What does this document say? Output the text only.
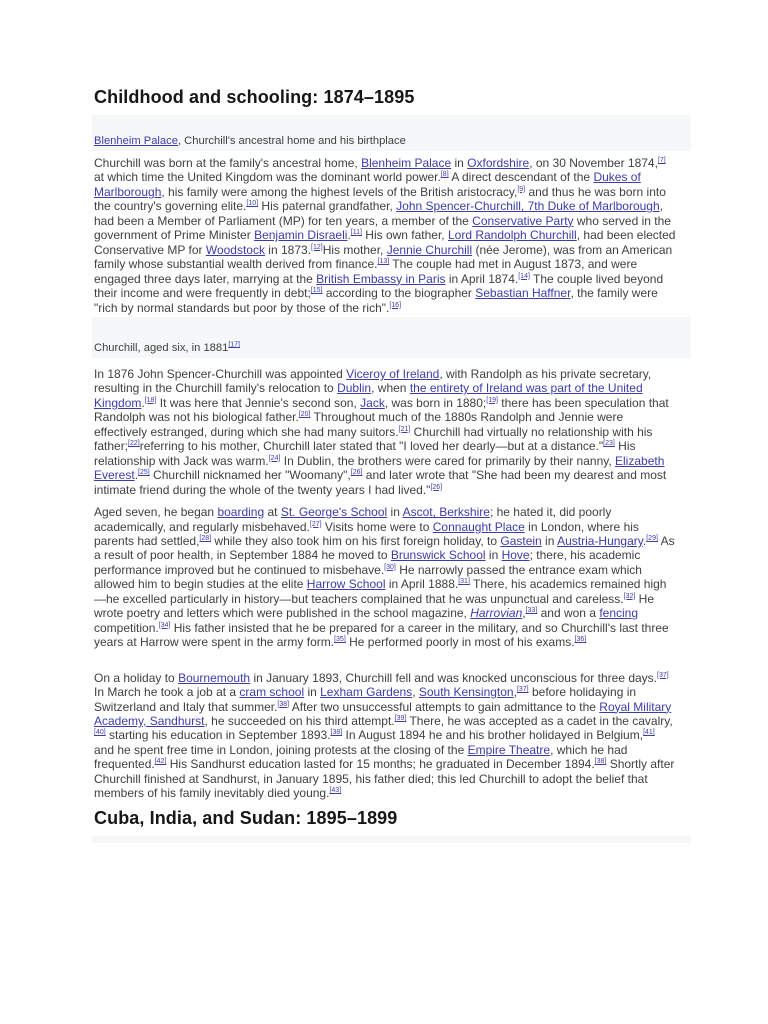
Childhood and schooling: 1874–1895
Blenheim Palace, Churchill's ancestral home and his birthplace

Churchill was born at the family's ancestral home, Blenheim Palace in Oxfordshire, on 30 November 1874,[7] at which time the United Kingdom was the dominant world power.[8] A direct descendant of the Dukes of Marlborough, his family were among the highest levels of the British aristocracy,[9] and thus he was born into the country's governing elite.[10] His paternal grandfather, John Spencer-Churchill, 7th Duke of Marlborough, had been a Member of Parliament (MP) for ten years, a member of the Conservative Party who served in the government of Prime Minister Benjamin Disraeli.[11] His own father, Lord Randolph Churchill, had been elected Conservative MP for Woodstock in 1873.[12]His mother, Jennie Churchill (née Jerome), was from an American family whose substantial wealth derived from finance.[13] The couple had met in August 1873, and were engaged three days later, marrying at the British Embassy in Paris in April 1874.[14] The couple lived beyond their income and were frequently in debt;[15] according to the biographer Sebastian Haffner, the family were "rich by normal standards but poor by those of the rich".[16]

Churchill, aged six, in 1881[17]

In 1876 John Spencer-Churchill was appointed Viceroy of Ireland, with Randolph as his private secretary, resulting in the Churchill family's relocation to Dublin, when the entirety of Ireland was part of the United Kingdom.[18] It was here that Jennie's second son, Jack, was born in 1880;[19] there has been speculation that Randolph was not his biological father.[20] Throughout much of the 1880s Randolph and Jennie were effectively estranged, during which she had many suitors.[21] Churchill had virtually no relationship with his father;[22]referring to his mother, Churchill later stated that "I loved her dearly—but at a distance."[23] His relationship with Jack was warm.[24] In Dublin, the brothers were cared for primarily by their nanny, Elizabeth Everest.[25] Churchill nicknamed her "Woomany",[26] and later wrote that "She had been my dearest and most intimate friend during the whole of the twenty years I had lived."[26]

Aged seven, he began boarding at St. George's School in Ascot, Berkshire; he hated it, did poorly academically, and regularly misbehaved.[27] Visits home were to Connaught Place in London, where his parents had settled,[28] while they also took him on his first foreign holiday, to Gastein in Austria-Hungary.[29] As a result of poor health, in September 1884 he moved to Brunswick School in Hove; there, his academic performance improved but he continued to misbehave.[30] He narrowly passed the entrance exam which allowed him to begin studies at the elite Harrow School in April 1888.[31] There, his academics remained high—he excelled particularly in history—but teachers complained that he was unpunctual and careless.[32] He wrote poetry and letters which were published in the school magazine, Harrovian,[33] and won a fencing competition.[34] His father insisted that he be prepared for a career in the military, and so Churchill's last three years at Harrow were spent in the army form.[35] He performed poorly in most of his exams.[36]

On a holiday to Bournemouth in January 1893, Churchill fell and was knocked unconscious for three days.[37] In March he took a job at a cram school in Lexham Gardens, South Kensington,[37] before holidaying in Switzerland and Italy that summer.[38] After two unsuccessful attempts to gain admittance to the Royal Military Academy, Sandhurst, he succeeded on his third attempt.[39] There, he was accepted as a cadet in the cavalry,[40] starting his education in September 1893.[38] In August 1894 he and his brother holidayed in Belgium,[41] and he spent free time in London, joining protests at the closing of the Empire Theatre, which he had frequented.[42] His Sandhurst education lasted for 15 months; he graduated in December 1894.[38] Shortly after Churchill finished at Sandhurst, in January 1895, his father died; this led Churchill to adopt the belief that members of his family inevitably died young.[43]

Cuba, India, and Sudan: 1895–1899
